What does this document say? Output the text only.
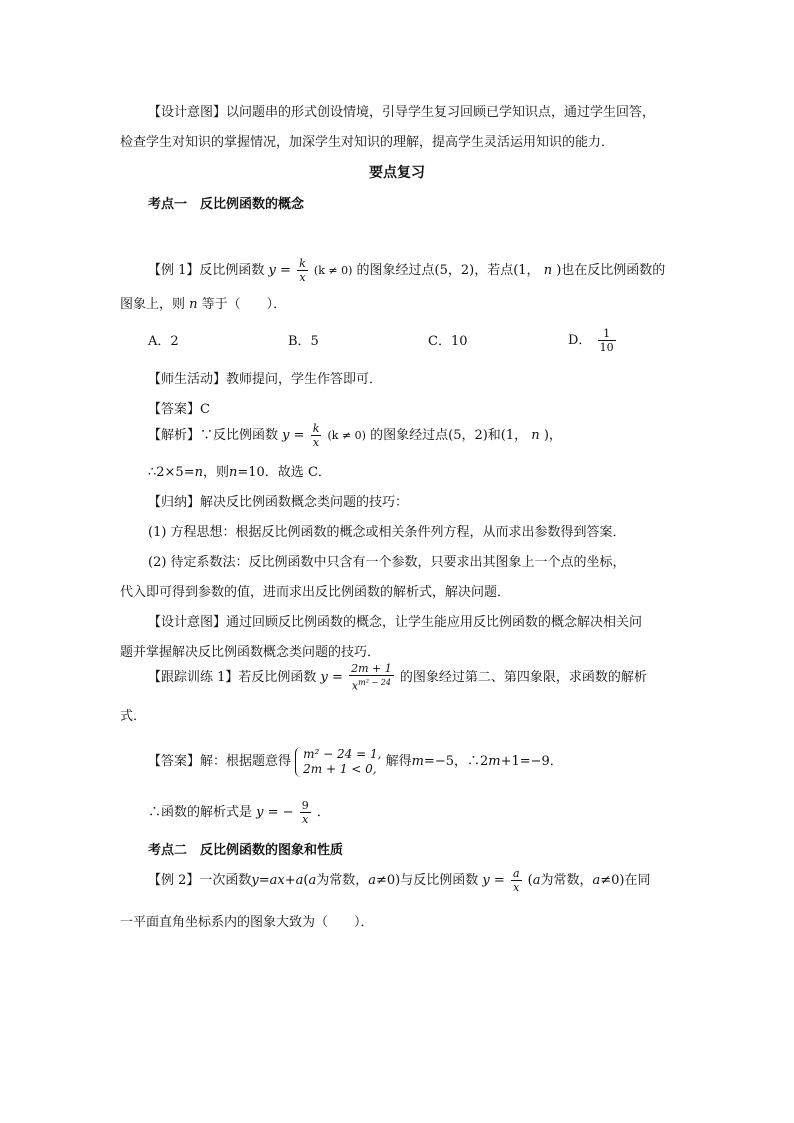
【设计意图】以问题串的形式创设情境，引导学生复习回顾已学知识点，通过学生回答，
检查学生对知识的掌握情况，加深学生对知识的理解，提高学生灵活运用知识的能力．
要点复习
考点一　反比例函数的概念
【例 1】反比例函数 $y = \frac{k}{x} (k \ne 0)$ 的图象经过点(5，2)，若点(1， n )也在反比例函数的
图象上，则 n 等于（　　）．
A．2	B．5	C．10	D． $\frac{1}{10}$
【师生活动】教师提问，学生作答即可．
【答案】C
【解析】∵反比例函数 $y = \frac{k}{x} (k \ne 0)$ 的图象经过点(5，2)和(1， n )，
∴2×5=n，则n=10．故选 C．
【归纳】解决反比例函数概念类问题的技巧：
(1) 方程思想：根据反比例函数的概念或相关条件列方程，从而求出参数得到答案．
(2) 待定系数法：反比例函数中只含有一个参数，只要求出其图象上一个点的坐标，
代入即可得到参数的值，进而求出反比例函数的解析式，解决问题．
【设计意图】通过回顾反比例函数的概念，让学生能应用反比例函数的概念解决相关问
题并掌握解决反比例函数概念类问题的技巧．
【跟踪训练 1】若反比例函数 $y = \frac{2m + 1}{x^{m^2 - 24}}$ 的图象经过第二、第四象限，求函数的解析
式．
【答案】解：根据题意得
m² − 24 = 1,
2m + 1 < 0, 解得m=−5，∴2m+1=−9．
∴函数的解析式是 y = − $\frac{9}{x}$ ．
考点二　反比例函数的图象和性质
【例 2】一次函数y=ax+a(a为常数，a≠0)与反比例函数 $y = \frac{a}{x} (a$为常数，a≠0)在同
一平面直角坐标系内的图象大致为（　　）．
